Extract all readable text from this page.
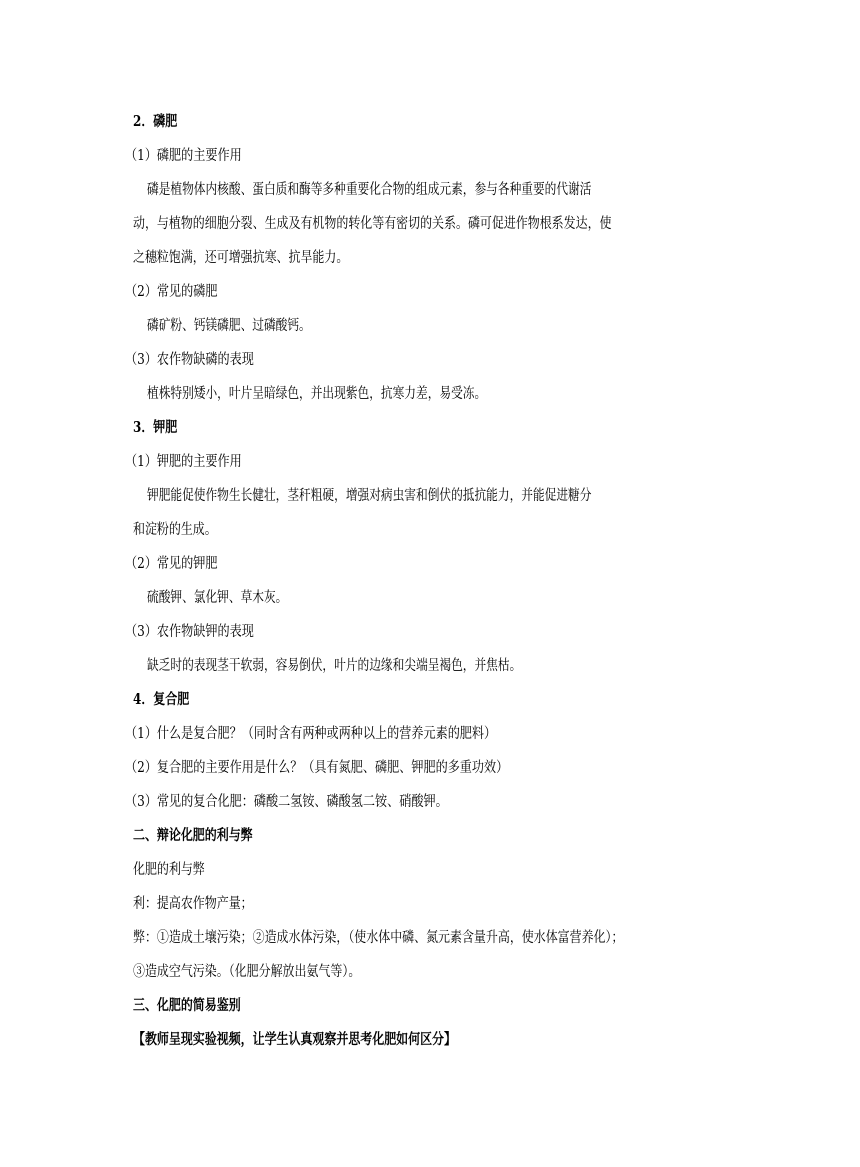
2．磷肥
（1）磷肥的主要作用
磷是植物体内核酸、蛋白质和酶等多种重要化合物的组成元素，参与各种重要的代谢活
动，与植物的细胞分裂、生成及有机物的转化等有密切的关系。磷可促进作物根系发达，使
之穗粒饱满，还可增强抗寒、抗旱能力。
（2）常见的磷肥
磷矿粉、钙镁磷肥、过磷酸钙。
（3）农作物缺磷的表现
植株特别矮小，叶片呈暗绿色，并出现紫色，抗寒力差，易受冻。
3．钾肥
（1）钾肥的主要作用
钾肥能促使作物生长健壮，茎秆粗硬，增强对病虫害和倒伏的抵抗能力，并能促进糖分
和淀粉的生成。
（2）常见的钾肥
硫酸钾、氯化钾、草木灰。
（3）农作物缺钾的表现
缺乏时的表现茎干软弱，容易倒伏，叶片的边缘和尖端呈褐色，并焦枯。
4．复合肥
（1）什么是复合肥？（同时含有两种或两种以上的营养元素的肥料）
（2）复合肥的主要作用是什么？（具有氮肥、磷肥、钾肥的多重功效）
（3）常见的复合化肥：磷酸二氢铵、磷酸氢二铵、硝酸钾。
二、辩论化肥的利与弊
化肥的利与弊
利：提高农作物产量；
弊：①造成土壤污染；②造成水体污染，（使水体中磷、氮元素含量升高，使水体富营养化）；
③造成空气污染。（化肥分解放出氨气等）。
三、化肥的简易鉴别
【教师呈现实验视频，让学生认真观察并思考化肥如何区分】
